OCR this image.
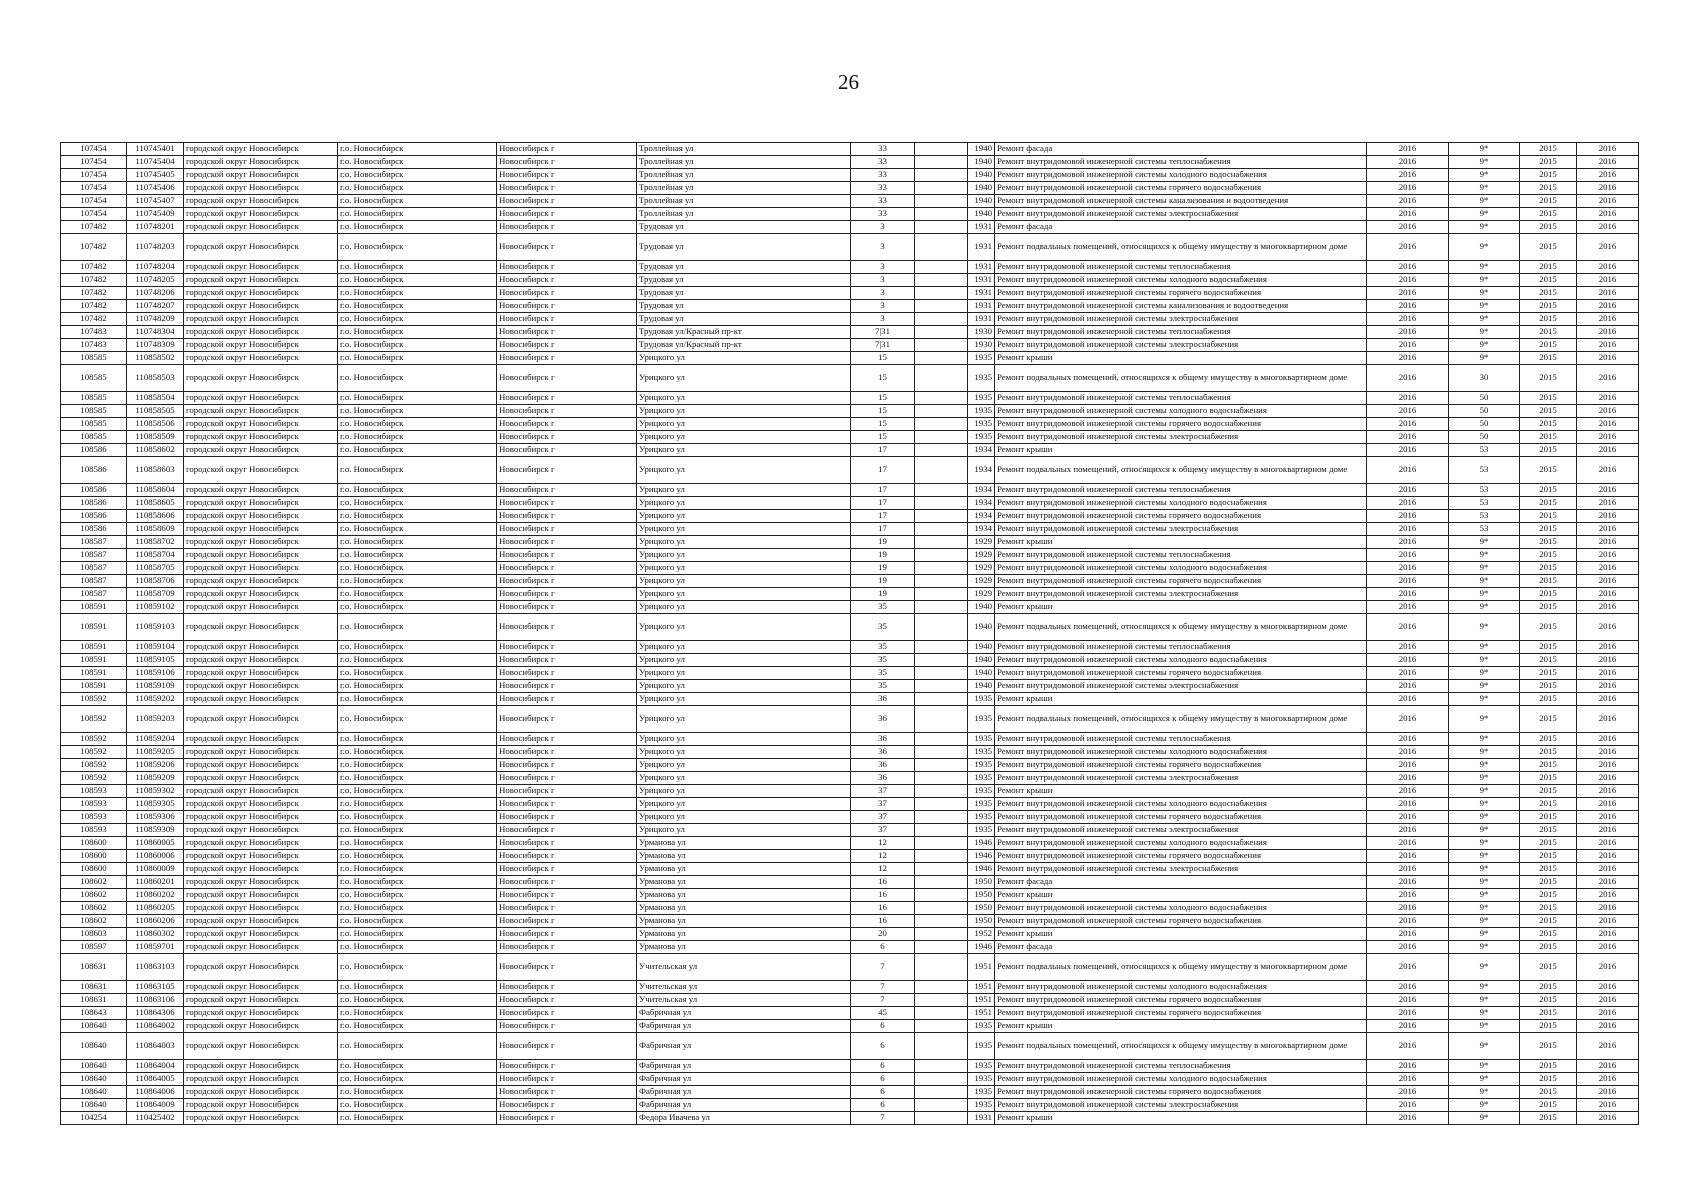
26
107454	110745401	городской округ Новосибирск	г.о. Новосибирск	Новосибирск г	Троллейная ул	33		1940	Ремонт фасада	2016	9*	2015	2016
107454	110745404	городской округ Новосибирск	г.о. Новосибирск	Новосибирск г	Троллейная ул	33		1940	Ремонт внутридомовой инженерной системы теплоснабжения	2016	9*	2015	2016
107454	110745405	городской округ Новосибирск	г.о. Новосибирск	Новосибирск г	Троллейная ул	33		1940	Ремонт внутридомовой инженерной системы холодного водоснабжения	2016	9*	2015	2016
107454	110745406	городской округ Новосибирск	г.о. Новосибирск	Новосибирск г	Троллейная ул	33		1940	Ремонт внутридомовой инженерной системы горячего водоснабжения	2016	9*	2015	2016
107454	110745407	городской округ Новосибирск	г.о. Новосибирск	Новосибирск г	Троллейная ул	33		1940	Ремонт внутридомовой инженерной системы канализования и водоотведения	2016	9*	2015	2016
107454	110745409	городской округ Новосибирск	г.о. Новосибирск	Новосибирск г	Троллейная ул	33		1940	Ремонт внутридомовой инженерной системы электроснабжения	2016	9*	2015	2016
107482	110748201	городской округ Новосибирск	г.о. Новосибирск	Новосибирск г	Трудовая ул	3		1931	Ремонт фасада	2016	9*	2015	2016
107482	110748203	городской округ Новосибирск	г.о. Новосибирск	Новосибирск г	Трудовая ул	3		1931	Ремонт подвальных помещений, относящихся к общему имуществу в многоквартирном доме	2016	9*	2015	2016
107482	110748204	городской округ Новосибирск	г.о. Новосибирск	Новосибирск г	Трудовая ул	3		1931	Ремонт внутридомовой инженерной системы теплоснабжения	2016	9*	2015	2016
107482	110748205	городской округ Новосибирск	г.о. Новосибирск	Новосибирск г	Трудовая ул	3		1931	Ремонт внутридомовой инженерной системы холодного водоснабжения	2016	9*	2015	2016
107482	110748206	городской округ Новосибирск	г.о. Новосибирск	Новосибирск г	Трудовая ул	3		1931	Ремонт внутридомовой инженерной системы горячего водоснабжения	2016	9*	2015	2016
107482	110748207	городской округ Новосибирск	г.о. Новосибирск	Новосибирск г	Трудовая ул	3		1931	Ремонт внутридомовой инженерной системы канализования и водоотведения	2016	9*	2015	2016
107482	110748209	городской округ Новосибирск	г.о. Новосибирск	Новосибирск г	Трудовая ул	3		1931	Ремонт внутридомовой инженерной системы электроснабжения	2016	9*	2015	2016
107483	110748304	городской округ Новосибирск	г.о. Новосибирск	Новосибирск г	Трудовая ул/Красный пр-кт	7|31		1930	Ремонт внутридомовой инженерной системы теплоснабжения	2016	9*	2015	2016
107483	110748309	городской округ Новосибирск	г.о. Новосибирск	Новосибирск г	Трудовая ул/Красный пр-кт	7|31		1930	Ремонт внутридомовой инженерной системы электроснабжения	2016	9*	2015	2016
108585	110858502	городской округ Новосибирск	г.о. Новосибирск	Новосибирск г	Урицкого ул	15		1935	Ремонт крыши	2016	9*	2015	2016
108585	110858503	городской округ Новосибирск	г.о. Новосибирск	Новосибирск г	Урицкого ул	15		1935	Ремонт подвальных помещений, относящихся к общему имуществу в многоквартирном доме	2016	30	2015	2016
108585	110858504	городской округ Новосибирск	г.о. Новосибирск	Новосибирск г	Урицкого ул	15		1935	Ремонт внутридомовой инженерной системы теплоснабжения	2016	50	2015	2016
108585	110858505	городской округ Новосибирск	г.о. Новосибирск	Новосибирск г	Урицкого ул	15		1935	Ремонт внутридомовой инженерной системы холодного водоснабжения	2016	50	2015	2016
108585	110858506	городской округ Новосибирск	г.о. Новосибирск	Новосибирск г	Урицкого ул	15		1935	Ремонт внутридомовой инженерной системы горячего водоснабжения	2016	50	2015	2016
108585	110858509	городской округ Новосибирск	г.о. Новосибирск	Новосибирск г	Урицкого ул	15		1935	Ремонт внутридомовой инженерной системы электроснабжения	2016	50	2015	2016
108586	110858602	городской округ Новосибирск	г.о. Новосибирск	Новосибирск г	Урицкого ул	17		1934	Ремонт крыши	2016	53	2015	2016
108586	110858603	городской округ Новосибирск	г.о. Новосибирск	Новосибирск г	Урицкого ул	17		1934	Ремонт подвальных помещений, относящихся к общему имуществу в многоквартирном доме	2016	53	2015	2016
108586	110858604	городской округ Новосибирск	г.о. Новосибирск	Новосибирск г	Урицкого ул	17		1934	Ремонт внутридомовой инженерной системы теплоснабжения	2016	53	2015	2016
108586	110858605	городской округ Новосибирск	г.о. Новосибирск	Новосибирск г	Урицкого ул	17		1934	Ремонт внутридомовой инженерной системы холодного водоснабжения	2016	53	2015	2016
108586	110858606	городской округ Новосибирск	г.о. Новосибирск	Новосибирск г	Урицкого ул	17		1934	Ремонт внутридомовой инженерной системы горячего водоснабжения	2016	53	2015	2016
108586	110858609	городской округ Новосибирск	г.о. Новосибирск	Новосибирск г	Урицкого ул	17		1934	Ремонт внутридомовой инженерной системы электроснабжения	2016	53	2015	2016
108587	110858702	городской округ Новосибирск	г.о. Новосибирск	Новосибирск г	Урицкого ул	19		1929	Ремонт крыши	2016	9*	2015	2016
108587	110858704	городской округ Новосибирск	г.о. Новосибирск	Новосибирск г	Урицкого ул	19		1929	Ремонт внутридомовой инженерной системы теплоснабжения	2016	9*	2015	2016
108587	110858705	городской округ Новосибирск	г.о. Новосибирск	Новосибирск г	Урицкого ул	19		1929	Ремонт внутридомовой инженерной системы холодного водоснабжения	2016	9*	2015	2016
108587	110858706	городской округ Новосибирск	г.о. Новосибирск	Новосибирск г	Урицкого ул	19		1929	Ремонт внутридомовой инженерной системы горячего водоснабжения	2016	9*	2015	2016
108587	110858709	городской округ Новосибирск	г.о. Новосибирск	Новосибирск г	Урицкого ул	19		1929	Ремонт внутридомовой инженерной системы электроснабжения	2016	9*	2015	2016
108591	110859102	городской округ Новосибирск	г.о. Новосибирск	Новосибирск г	Урицкого ул	35		1940	Ремонт крыши	2016	9*	2015	2016
108591	110859103	городской округ Новосибирск	г.о. Новосибирск	Новосибирск г	Урицкого ул	35		1940	Ремонт подвальных помещений, относящихся к общему имуществу в многоквартирном доме	2016	9*	2015	2016
108591	110859104	городской округ Новосибирск	г.о. Новосибирск	Новосибирск г	Урицкого ул	35		1940	Ремонт внутридомовой инженерной системы теплоснабжения	2016	9*	2015	2016
108591	110859105	городской округ Новосибирск	г.о. Новосибирск	Новосибирск г	Урицкого ул	35		1940	Ремонт внутридомовой инженерной системы холодного водоснабжения	2016	9*	2015	2016
108591	110859106	городской округ Новосибирск	г.о. Новосибирск	Новосибирск г	Урицкого ул	35		1940	Ремонт внутридомовой инженерной системы горячего водоснабжения	2016	9*	2015	2016
108591	110859109	городской округ Новосибирск	г.о. Новосибирск	Новосибирск г	Урицкого ул	35		1940	Ремонт внутридомовой инженерной системы электроснабжения	2016	9*	2015	2016
108592	110859202	городской округ Новосибирск	г.о. Новосибирск	Новосибирск г	Урицкого ул	36		1935	Ремонт крыши	2016	9*	2015	2016
108592	110859203	городской округ Новосибирск	г.о. Новосибирск	Новосибирск г	Урицкого ул	36		1935	Ремонт подвальных помещений, относящихся к общему имуществу в многоквартирном доме	2016	9*	2015	2016
108592	110859204	городской округ Новосибирск	г.о. Новосибирск	Новосибирск г	Урицкого ул	36		1935	Ремонт внутридомовой инженерной системы теплоснабжения	2016	9*	2015	2016
108592	110859205	городской округ Новосибирск	г.о. Новосибирск	Новосибирск г	Урицкого ул	36		1935	Ремонт внутридомовой инженерной системы холодного водоснабжения	2016	9*	2015	2016
108592	110859206	городской округ Новосибирск	г.о. Новосибирск	Новосибирск г	Урицкого ул	36		1935	Ремонт внутридомовой инженерной системы горячего водоснабжения	2016	9*	2015	2016
108592	110859209	городской округ Новосибирск	г.о. Новосибирск	Новосибирск г	Урицкого ул	36		1935	Ремонт внутридомовой инженерной системы электроснабжения	2016	9*	2015	2016
108593	110859302	городской округ Новосибирск	г.о. Новосибирск	Новосибирск г	Урицкого ул	37		1935	Ремонт крыши	2016	9*	2015	2016
108593	110859305	городской округ Новосибирск	г.о. Новосибирск	Новосибирск г	Урицкого ул	37		1935	Ремонт внутридомовой инженерной системы холодного водоснабжения	2016	9*	2015	2016
108593	110859306	городской округ Новосибирск	г.о. Новосибирск	Новосибирск г	Урицкого ул	37		1935	Ремонт внутридомовой инженерной системы горячего водоснабжения	2016	9*	2015	2016
108593	110859309	городской округ Новосибирск	г.о. Новосибирск	Новосибирск г	Урицкого ул	37		1935	Ремонт внутридомовой инженерной системы электроснабжения	2016	9*	2015	2016
108600	110860005	городской округ Новосибирск	г.о. Новосибирск	Новосибирск г	Урманова ул	12		1946	Ремонт внутридомовой инженерной системы холодного водоснабжения	2016	9*	2015	2016
108600	110860006	городской округ Новосибирск	г.о. Новосибирск	Новосибирск г	Урманова ул	12		1946	Ремонт внутридомовой инженерной системы горячего водоснабжения	2016	9*	2015	2016
108600	110860009	городской округ Новосибирск	г.о. Новосибирск	Новосибирск г	Урманова ул	12		1946	Ремонт внутридомовой инженерной системы электроснабжения	2016	9*	2015	2016
108602	110860201	городской округ Новосибирск	г.о. Новосибирск	Новосибирск г	Урманова ул	16		1950	Ремонт фасада	2016	9*	2015	2016
108602	110860202	городской округ Новосибирск	г.о. Новосибирск	Новосибирск г	Урманова ул	16		1950	Ремонт крыши	2016	9*	2015	2016
108602	110860205	городской округ Новосибирск	г.о. Новосибирск	Новосибирск г	Урманова ул	16		1950	Ремонт внутридомовой инженерной системы холодного водоснабжения	2016	9*	2015	2016
108602	110860206	городской округ Новосибирск	г.о. Новосибирск	Новосибирск г	Урманова ул	16		1950	Ремонт внутридомовой инженерной системы горячего водоснабжения	2016	9*	2015	2016
108603	110860302	городской округ Новосибирск	г.о. Новосибирск	Новосибирск г	Урманова ул	20		1952	Ремонт крыши	2016	9*	2015	2016
108597	110859701	городской округ Новосибирск	г.о. Новосибирск	Новосибирск г	Урманова ул	6		1946	Ремонт фасада	2016	9*	2015	2016
108631	110863103	городской округ Новосибирск	г.о. Новосибирск	Новосибирск г	Учительская ул	7		1951	Ремонт подвальных помещений, относящихся к общему имуществу в многоквартирном доме	2016	9*	2015	2016
108631	110863105	городской округ Новосибирск	г.о. Новосибирск	Новосибирск г	Учительская ул	7		1951	Ремонт внутридомовой инженерной системы холодного водоснабжения	2016	9*	2015	2016
108631	110863106	городской округ Новосибирск	г.о. Новосибирск	Новосибирск г	Учительская ул	7		1951	Ремонт внутридомовой инженерной системы горячего водоснабжения	2016	9*	2015	2016
108643	110864306	городской округ Новосибирск	г.о. Новосибирск	Новосибирск г	Фабричная ул	45		1951	Ремонт внутридомовой инженерной системы горячего водоснабжения	2016	9*	2015	2016
108640	110864002	городской округ Новосибирск	г.о. Новосибирск	Новосибирск г	Фабричная ул	6		1935	Ремонт крыши	2016	9*	2015	2016
108640	110864003	городской округ Новосибирск	г.о. Новосибирск	Новосибирск г	Фабричная ул	6		1935	Ремонт подвальных помещений, относящихся к общему имуществу в многоквартирном доме	2016	9*	2015	2016
108640	110864004	городской округ Новосибирск	г.о. Новосибирск	Новосибирск г	Фабричная ул	6		1935	Ремонт внутридомовой инженерной системы теплоснабжения	2016	9*	2015	2016
108640	110864005	городской округ Новосибирск	г.о. Новосибирск	Новосибирск г	Фабричная ул	6		1935	Ремонт внутридомовой инженерной системы холодного водоснабжения	2016	9*	2015	2016
108640	110864006	городской округ Новосибирск	г.о. Новосибирск	Новосибирск г	Фабричная ул	6		1935	Ремонт внутридомовой инженерной системы горячего водоснабжения	2016	9*	2015	2016
108640	110864009	городской округ Новосибирск	г.о. Новосибирск	Новосибирск г	Фабричная ул	6		1935	Ремонт внутридомовой инженерной системы электроснабжения	2016	9*	2015	2016
104254	110425402	городской округ Новосибирск	г.о. Новосибирск	Новосибирск г	Федора Ивачева ул	7		1931	Ремонт крыши	2016	9*	2015	2016
